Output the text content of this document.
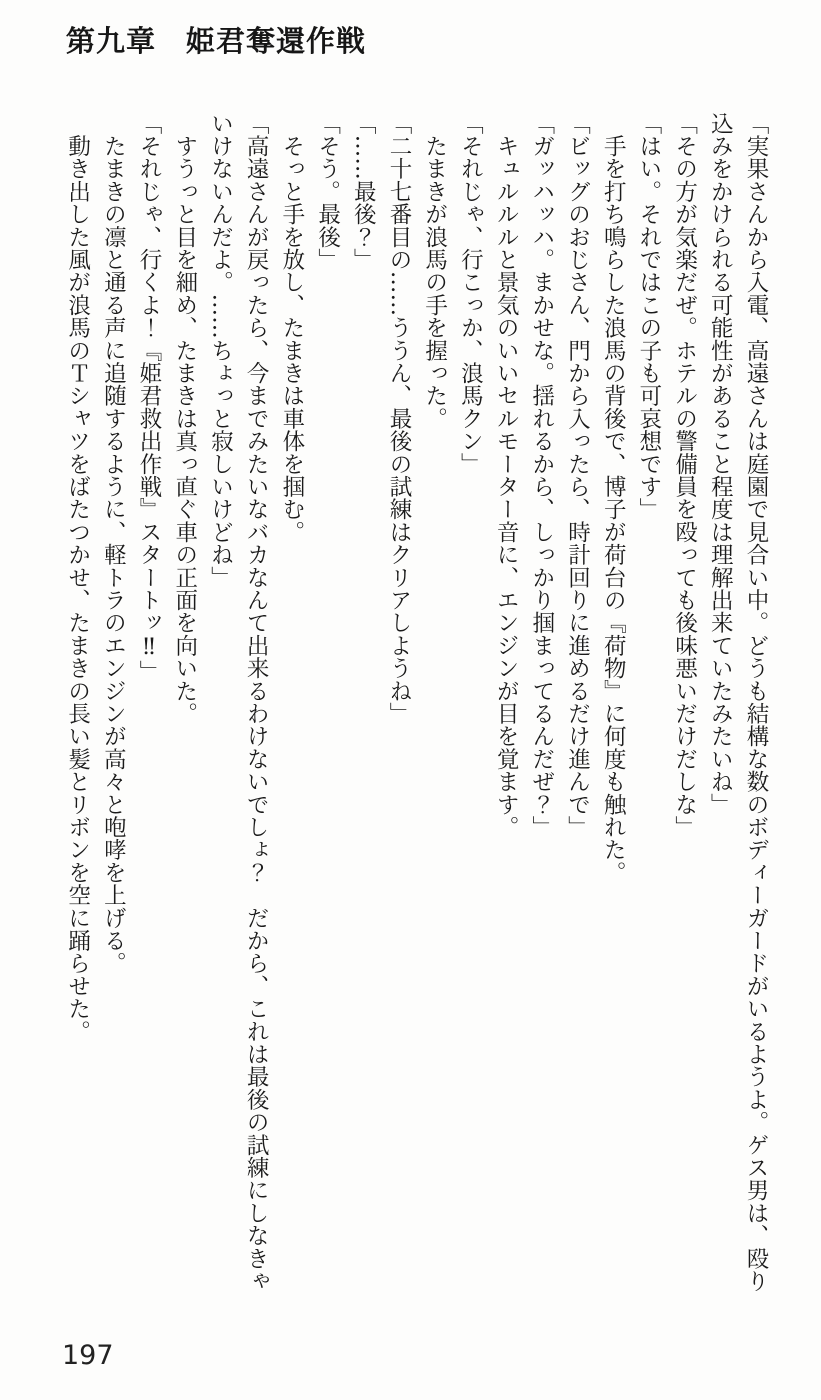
第九章　姫君奪還作戦

「実果さんから入電、高遠さんは庭園で見合い中。どうも結構な数のボディーガードがいるようよ。ゲス男は、殴り込みをかけられる可能性があること程度は理解出来ていたみたいね」

「その方が気楽だぜ。ホテルの警備員を殴っても後味悪いだけだしな」

「はい。それではこの子も可哀想です」

　手を打ち鳴らした浪馬の背後で、博子が荷台の『荷物』に何度も触れた。

「ビッグのおじさん、門から入ったら、時計回りに進めるだけ進んで」

「ガッハッハ。まかせな。揺れるから、しっかり掴まってるんだぜ？」

　キュルルルと景気のいいセルモーター音に、エンジンが目を覚ます。

「それじゃ、行こっか、浪馬クン」

　たまきが浪馬の手を握った。

「二十七番目の……ううん、最後の試練はクリアしようね」

「……最後？」

「そう。最後」

　そっと手を放し、たまきは車体を掴む。

「高遠さんが戻ったら、今までみたいなバカなんて出来るわけないでしょ？　だから、これは最後の試練にしなきゃいけないんだよ。……ちょっと寂しいけどね」

　すうっと目を細め、たまきは真っ直ぐ車の正面を向いた。

「それじゃ、行くよ！『姫君救出作戦』スタートッ‼」

　たまきの凛と通る声に追随するように、軽トラのエンジンが高々と咆哮を上げる。

　動き出した風が浪馬のＴシャツをばたつかせ、たまきの長い髪とリボンを空に踊らせた。

197
